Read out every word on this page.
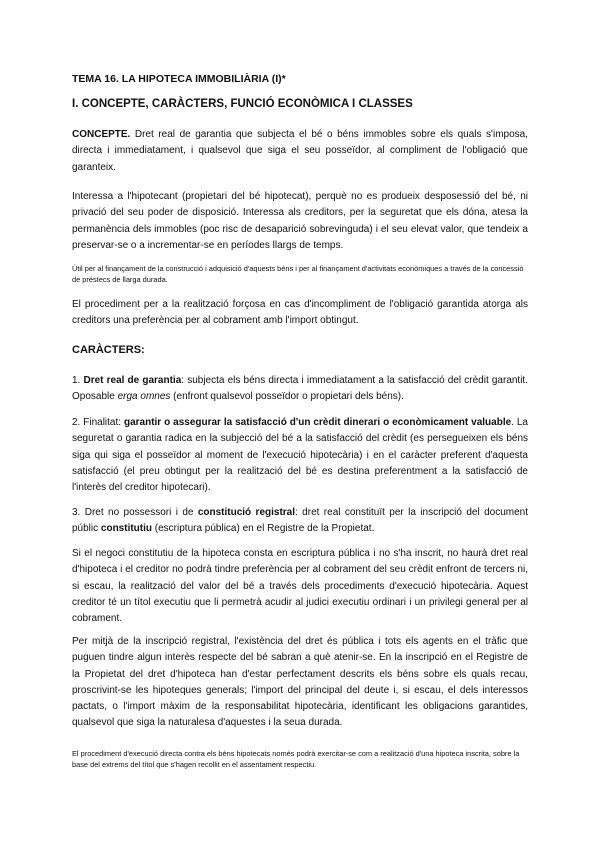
TEMA 16. LA HIPOTECA IMMOBILIÀRIA (I)*
I. CONCEPTE, CARÀCTERS, FUNCIÓ ECONÒMICA I CLASSES

CONCEPTE. Dret real de garantia que subjecta el bé o béns immobles sobre els quals s'imposa, directa i immediatament, i qualsevol que siga el seu posseïdor, al compliment de l'obligació que garanteix.

Interessa a l'hipotecant (propietari del bé hipotecat), perquè no es produeix desposessió del bé, ni privació del seu poder de disposició. Interessa als creditors, per la seguretat que els dóna, atesa la permanència dels immobles (poc risc de desaparició sobrevinguda) i el seu elevat valor, que tendeix a preservar-se o a incrementar-se en períodes llargs de temps.

Útil per al finançament de la construcció i adquisició d'aquests béns i per al finançament d'activitats econòmiques a través de la concessió de préstecs de llarga durada.

El procediment per a la realització forçosa en cas d'incompliment de l'obligació garantida atorga als creditors una preferència per al cobrament amb l'import obtingut.

CARÀCTERS:

1. Dret real de garantia: subjecta els béns directa i immediatament a la satisfacció del crèdit garantit. Oposable erga omnes (enfront qualsevol posseïdor o propietari dels béns).

2. Finalitat: garantir o assegurar la satisfacció d'un crèdit dinerari o econòmicament valuable. La seguretat o garantia radica en la subjecció del bé a la satisfacció del crèdit (es persegueixen els béns siga qui siga el posseïdor al moment de l'execució hipotecària) i en el caràcter preferent d'aquesta satisfacció (el preu obtingut per la realització del bé es destina preferentment a la satisfacció de l'interès del creditor hipotecari).

3. Dret no possessori i de constitució registral: dret real constituït per la inscripció del document públic constitutiu (escriptura pública) en el Registre de la Propietat.

Si el negoci constitutiu de la hipoteca consta en escriptura pública i no s'ha inscrit, no haurà dret real d'hipoteca i el creditor no podrà tindre preferència per al cobrament del seu crèdit enfront de tercers ni, si escau, la realització del valor del bé a través dels procediments d'execució hipotecària. Aquest creditor té un títol executiu que li permetrà acudir al judici executiu ordinari i un privilegi general per al cobrament.

Per mitjà de la inscripció registral, l'existència del dret és pública i tots els agents en el tràfic que puguen tindre algun interès respecte del bé sabran a què atenir-se. En la inscripció en el Registre de la Propietat del dret d'hipoteca han d'estar perfectament descrits els béns sobre els quals recau, proscrivint-se les hipoteques generals; l'import del principal del deute i, si escau, el dels interessos pactats, o l'import màxim de la responsabilitat hipotecària, identificant les obligacions garantides, qualsevol que siga la naturalesa d'aquestes i la seua durada.

El procediment d'execució directa contra els béns hipotecats només podrà exercitar-se com a realització d'una hipoteca inscrita, sobre la base del extrems del títol que s'hagen recollit en el assentament respectiu.
